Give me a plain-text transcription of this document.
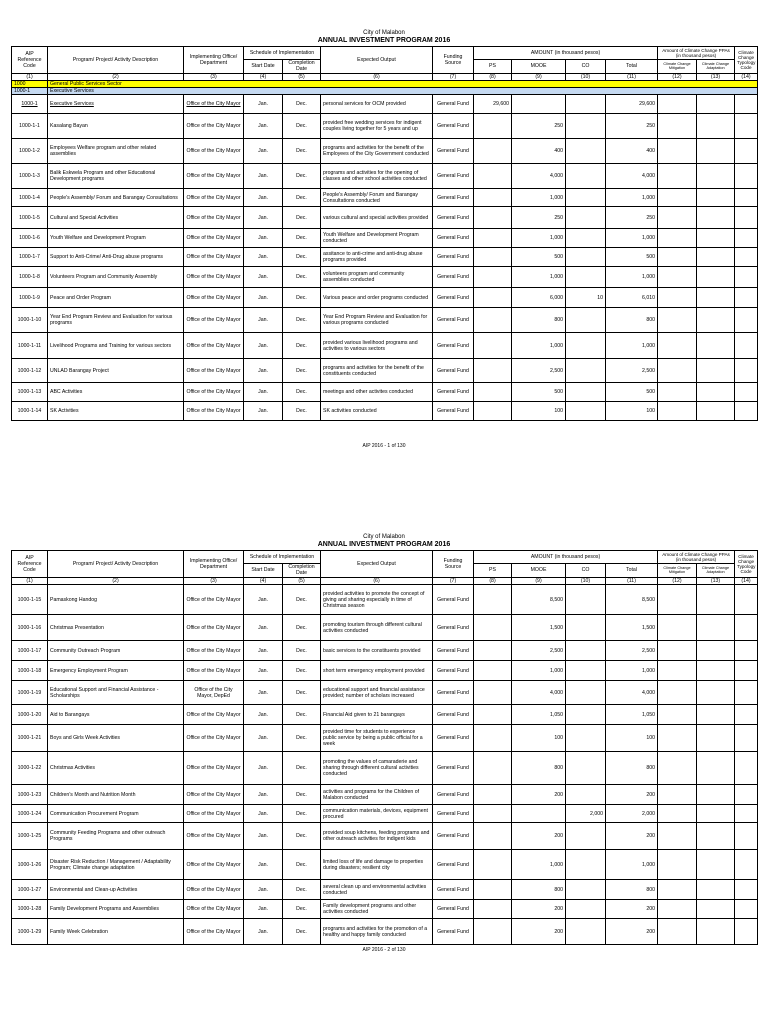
City of Malabon
ANNUAL INVESTMENT PROGRAM 2016
AIP Reference Code	Program/ Project/ Activity Description	Implementing Office/ Department	Schedule of Implementation		Expected Output	Funding Source	AMOUNT (in thousand pesos)				Amount of Climate Change PPAs (in thousand pesos)		Climate Change Typology Code
			Start Date	Completion Date			PS	MOOE	CO	Total	Climate Change Mitigation	Climate Change Adaptation	
(1)	(2)	(3)	(4)	(5)	(6)	(7)	(8)	(9)	(10)	(11)	(12)	(13)	(14)
1000	General Public Services Sector												
1000-1	Executive Services												
1000-1	Executive Services	Office of the City Mayor	Jan.	Dec.	personal services for OCM provided	General Fund	29,600			29,600			
1000-1-1	Kasalang Bayan	Office of the City Mayor	Jan.	Dec.	provided free wedding services for indigent couples living together for 5 years and up	General Fund		250		250			
1000-1-2	Employees Welfare program and other related assemblies	Office of the City Mayor	Jan.	Dec.	programs and activities for the benefit of the Employees of the City Government conducted	General Fund		400		400			
1000-1-3	Balik Eskwela Program and other Educational Development programs	Office of the City Mayor	Jan.	Dec.	programs and activities for the opening of classes and other school activities conducted	General Fund		4,000		4,000			
1000-1-4	People's Assembly/ Forum and Barangay Consultations	Office of the City Mayor	Jan.	Dec.	People's Assembly/ Forum and Barangay Consultations conducted	General Fund		1,000		1,000			
1000-1-5	Cultural and Special Activities	Office of the City Mayor	Jan.	Dec.	various cultural and special activities provided	General Fund		250		250			
1000-1-6	Youth Welfare and Development Program	Office of the City Mayor	Jan.	Dec.	Youth Welfare and Development Program conducted	General Fund		1,000		1,000			
1000-1-7	Support to Anti-Crime/ Anti-Drug abuse programs	Office of the City Mayor	Jan.	Dec.	assitance to anti-crime and anti-drug abuse programs provided	General Fund		500		500			
1000-1-8	Volunteers Program and Community Assembly	Office of the City Mayor	Jan.	Dec.	volunteers program and community assemblies conducted	General Fund		1,000		1,000			
1000-1-9	Peace and Order Program	Office of the City Mayor	Jan.	Dec.	Various peace and order programs conducted	General Fund		6,000	10	6,010			
1000-1-10	Year End Program Review and Evaluation for various programs	Office of the City Mayor	Jan.	Dec.	Year End Program Review and Evaluation for various programs conducted	General Fund		800		800			
1000-1-11	Livelihood Programs and Training for various sectors	Office of the City Mayor	Jan.	Dec.	provided various livelihood programs and activities to various sectors	General Fund		1,000		1,000			
1000-1-12	UNLAD Barangay Project	Office of the City Mayor	Jan.	Dec.	programs and activities for the benefit of the constituents conducted	General Fund		2,500		2,500			
1000-1-13	ABC Activities	Office of the City Mayor	Jan.	Dec.	meetings and other activites conducted	General Fund		500		500			
1000-1-14	SK Activities	Office of the City Mayor	Jan.	Dec.	SK activities conducted	General Fund		100		100			
AIP 2016 - 1 of 130
City of Malabon
ANNUAL INVESTMENT PROGRAM 2016
AIP Reference Code	Program/ Project/ Activity Description	Implementing Office/ Department	Schedule of Implementation		Expected Output	Funding Source	AMOUNT (in thousand pesos)				Amount of Climate Change PPAs (in thousand pesos)		Climate Change Typology Code
			Start Date	Completion Date			PS	MOOE	CO	Total	Climate Change Mitigation	Climate Change Adaptation	
(1)	(2)	(3)	(4)	(5)	(6)	(7)	(8)	(9)	(10)	(11)	(12)	(13)	(14)
1000-1-15	Pamaskong Handog	Office of the City Mayor	Jan.	Dec.	provided activities to promote the concept of giving and sharing especially in time of Christmas season	General Fund		8,500		8,500			
1000-1-16	Christmas Presentation	Office of the City Mayor	Jan.	Dec.	promoting tourism through different cultural activities conducted	General Fund		1,500		1,500			
1000-1-17	Community Outreach Program	Office of the City Mayor	Jan.	Dec.	basic services to the constituents provided	General Fund		2,500		2,500			
1000-1-18	Emergency Employment Program	Office of the City Mayor	Jan.	Dec.	short term emergency employment provided	General Fund		1,000		1,000			
1000-1-19	Educational Support and Financial Assistance - Scholarships	Office of the City Mayor, DepEd	Jan.	Dec.	educational support and financial assistance provided; number of scholars increased	General Fund		4,000		4,000			
1000-1-20	Aid to Barangays	Office of the City Mayor	Jan.	Dec.	Financial Aid given to 21 barangays	General Fund		1,050		1,050			
1000-1-21	Boys and Girls Week Activities	Office of the City Mayor	Jan.	Dec.	provided time for students to experience public service by being a public official for a week	General Fund		100		100			
1000-1-22	Christmas Activities	Office of the City Mayor	Jan.	Dec.	promoting the values of camaraderie and sharing through different cultural activities conducted	General Fund		800		800			
1000-1-23	Children's Month and Nutrition Month	Office of the City Mayor	Jan.	Dec.	activities and programs for the Children of Malabon conducted	General Fund		200		200			
1000-1-24	Communication Procurement Program	Office of the City Mayor	Jan.	Dec.	communication materials, devices, equipment procured	General Fund			2,000	2,000			
1000-1-25	Community Feeding Programs and other outreach Programs	Office of the City Mayor	Jan.	Dec.	provided soup kitchens, feeding programs and other outreach activities for indigent kids	General Fund		200		200			
1000-1-26	Disaster Risk Reduction / Management / Adaptability Program; Climate change adaptation	Office of the City Mayor	Jan.	Dec.	limited loss of life and damage to properties during disasters; resilient city	General Fund		1,000		1,000			
1000-1-27	Environmental and Clean-up Activities	Office of the City Mayor	Jan.	Dec.	several clean up and environmental activities conducted	General Fund		800		800			
1000-1-28	Family Development Programs and Assemblies	Office of the City Mayor	Jan.	Dec.	Family development programs and other activities conducted	General Fund		200		200			
1000-1-29	Family Week Celebration	Office of the City Mayor	Jan.	Dec.	programs and activities for the promotion of a healthy and happy family conducted	General Fund		200		200			
AIP 2016 - 2 of 130
